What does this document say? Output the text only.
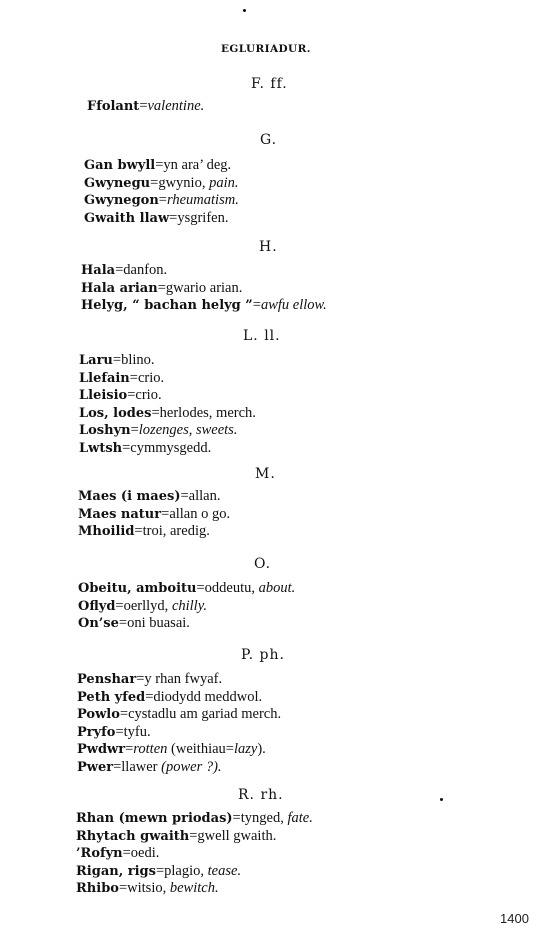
EGLURIADUR.
F. ff.
Ffolant=valentine.
G.
Gan bwyll=yn ara’ deg.
Gwynegu=gwynio, pain.
Gwynegon=rheumatism.
Gwaith llaw=ysgrifen.
H.
Hala=danfon.
Hala arian=gwario arian.
Helyg, “ bachan helyg ”=awfu ellow.
L. ll.
Laru=blino.
Llefain=crio.
Lleisio=crio.
Los, lodes=herlodes, merch.
Loshyn=lozenges, sweets.
Lwtsh=cymmysgedd.
M.
Maes (i maes)=allan.
Maes natur=allan o go.
Mhoilid=troi, aredig.
O.
Obeitu, amboitu=oddeutu, about.
Oflyd=oerllyd, chilly.
On’se=oni buasai.
P. ph.
Penshar=y rhan fwyaf.
Peth yfed=diodydd meddwol.
Powlo=cystadlu am gariad merch.
Pryfo=tyfu.
Pwdwr=rotten (weithiau=lazy).
Pwer=llawer (power ?).
R. rh.
Rhan (mewn priodas)=tynged, fate.
Rhytach gwaith=gwell gwaith.
’Rofyn=oedi.
Rigan, rigs=plagio, tease.
Rhibo=witsio, bewitch.
1400
